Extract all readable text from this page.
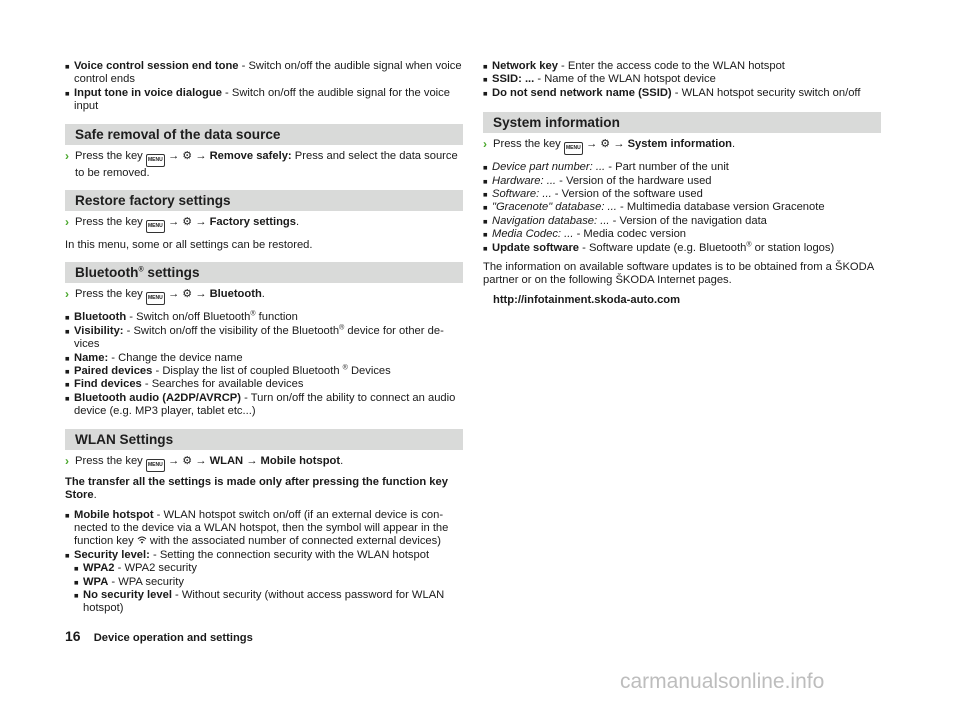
■ Voice control session end tone - Switch on/off the audible signal when voice control ends

■ Input tone in voice dialogue - Switch on/off the audible signal for the voice input

Safe removal of the data source
› Press the key MENU → ⚙ → Remove safely: Press and select the data source to be removed.
Restore factory settings
› Press the key MENU → ⚙ → Factory settings.

In this menu, some or all settings can be restored.

Bluetooth® settings
› Press the key MENU → ⚙ → Bluetooth.

■ Bluetooth - Switch on/off Bluetooth® function

■ Visibility: - Switch on/off the visibility of the Bluetooth® device for other devices

■ Name: - Change the device name

■ Paired devices - Display the list of coupled Bluetooth ® Devices

■ Find devices - Searches for available devices

■ Bluetooth audio (A2DP/AVRCP) - Turn on/off the ability to connect an audio device (e.g. MP3 player, tablet etc...)

WLAN Settings
› Press the key MENU → ⚙ → WLAN → Mobile hotspot.

The transfer all the settings is made only after pressing the function key Store.

■ Mobile hotspot - WLAN hotspot switch on/off (if an external device is connected to the device via a WLAN hotspot, then the symbol will appear in the function key  with the associated number of connected external devices)

■ Security level: - Setting the connection security with the WLAN hotspot

■ WPA2 - WPA2 security

■ WPA - WPA security

■ No security level - Without security (without access password for WLAN hotspot)

■ Network key - Enter the access code to the WLAN hotspot

■ SSID: ... - Name of the WLAN hotspot device

■ Do not send network name (SSID) - WLAN hotspot security switch on/off

System information
› Press the key MENU → ⚙ → System information.

■ Device part number: ... - Part number of the unit

■ Hardware: ... - Version of the hardware used

■ Software: ... - Version of the software used

■ "Gracenote" database: ... - Multimedia database version Gracenote

■ Navigation database: ... - Version of the navigation data

■ Media Codec: ... - Media codec version

■ Update software - Software update (e.g. Bluetooth® or station logos)

The information on available software updates is to be obtained from a ŠKODA partner or on the following ŠKODA Internet pages.

http://infotainment.skoda-auto.com

16 Device operation and settings
carmanualsonline.info
